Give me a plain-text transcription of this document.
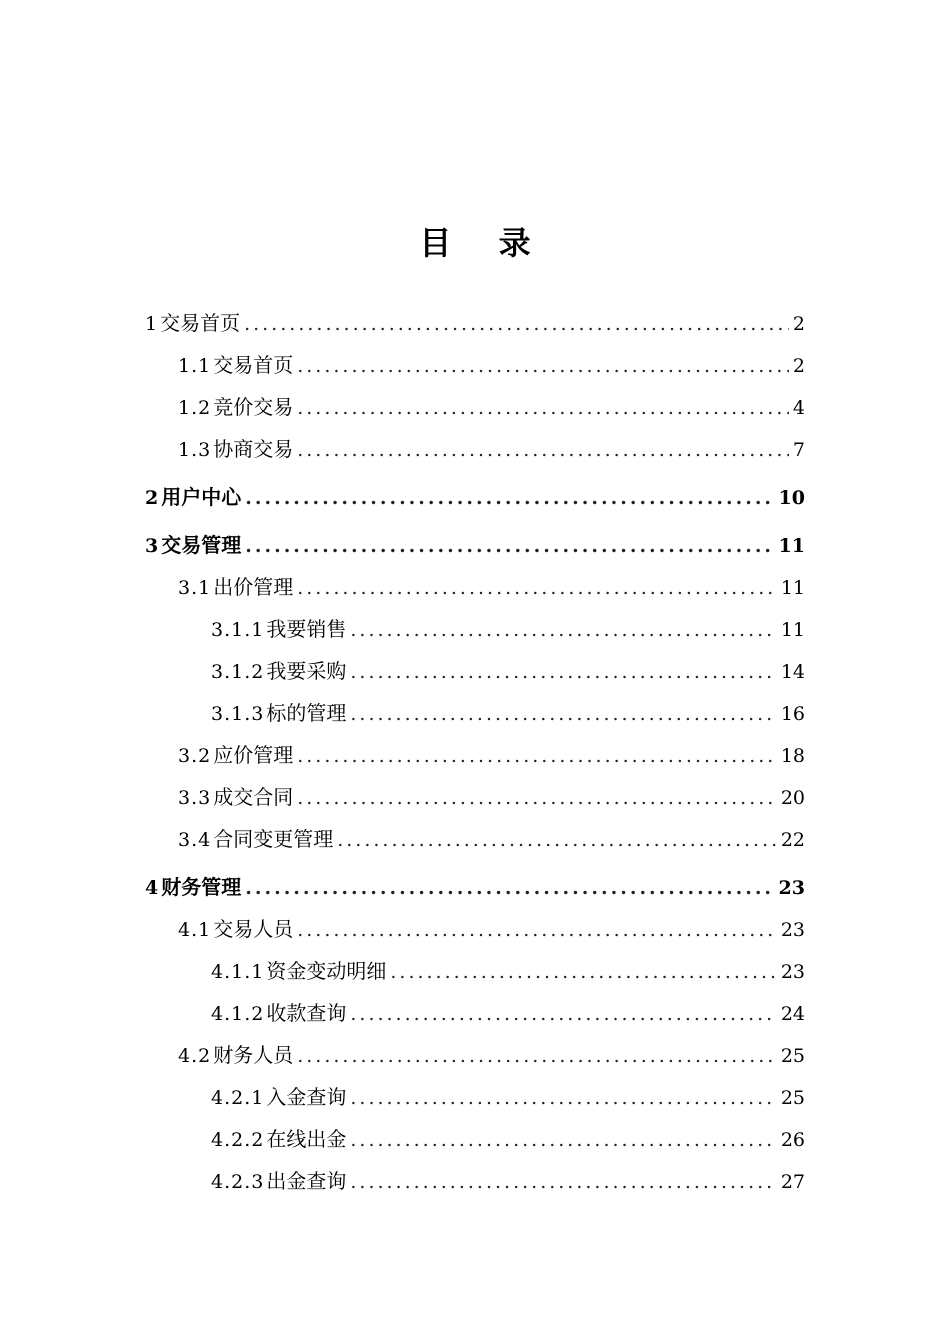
目 录
1 交易首页 .....	2
1.1 交易首页 .....	2
1.2 竞价交易 .....	4
1.3 协商交易 .....	7
2 用户中心 .....	10
3 交易管理 .....	11
3.1 出价管理 .....	11
3.1.1 我要销售 .....	11
3.1.2 我要采购 .....	14
3.1.3 标的管理 .....	16
3.2 应价管理 .....	18
3.3 成交合同 .....	20
3.4 合同变更管理 .....	22
4 财务管理 .....	23
4.1 交易人员 .....	23
4.1.1 资金变动明细 .....	23
4.1.2 收款查询 .....	24
4.2 财务人员 .....	25
4.2.1 入金查询 .....	25
4.2.2 在线出金 .....	26
4.2.3 出金查询 .....	27
